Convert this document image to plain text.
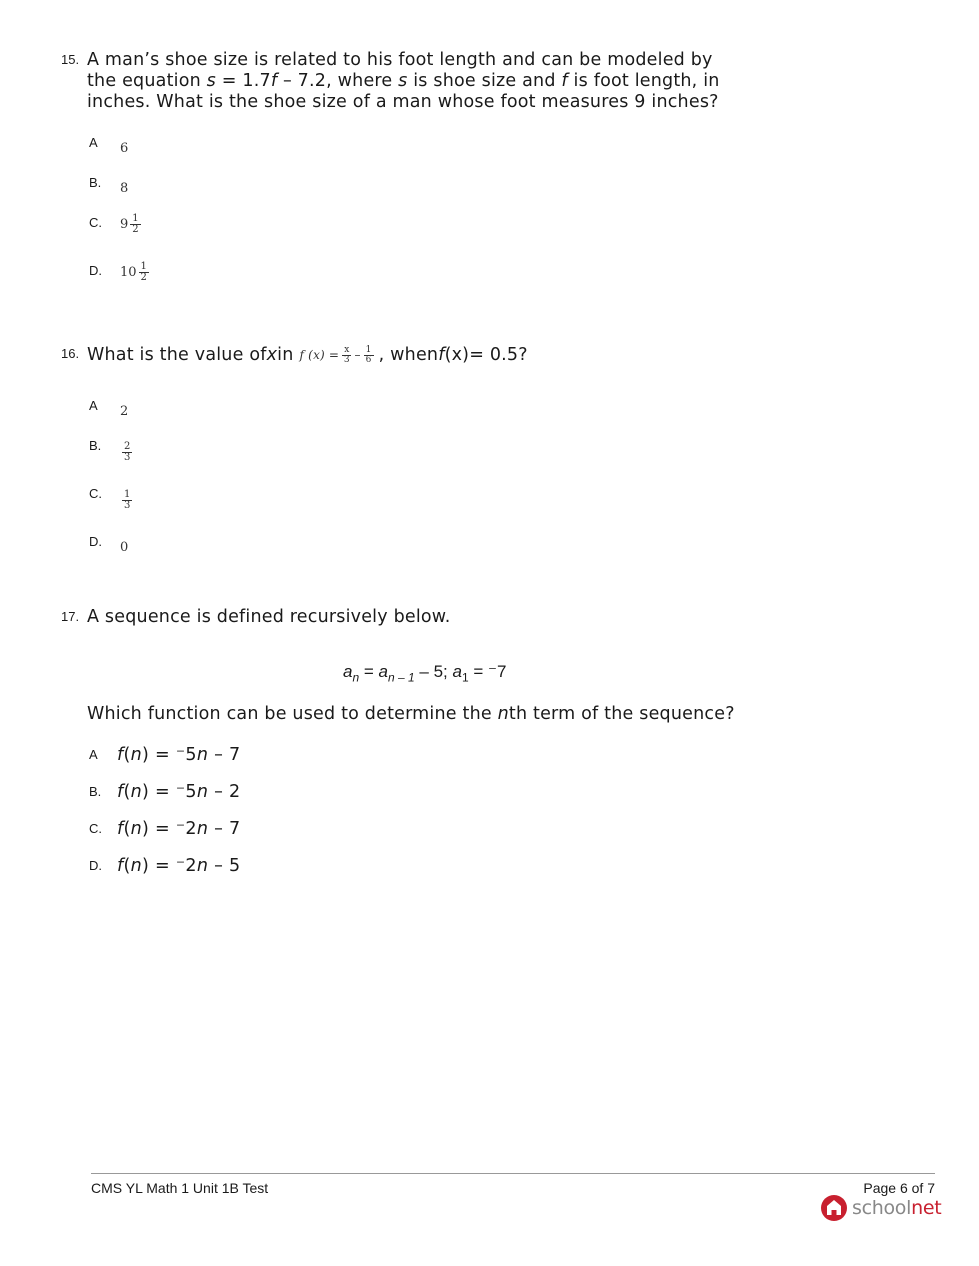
15. A man’s shoe size is related to his foot length and can be modeled by
the equation s = 1.7f – 7.2, where s is shoe size and f is foot length, in
inches. What is the shoe size of a man whose foot measures 9 inches?
A 6
B. 8
C. $9 \frac{1}{2}$
D. $10 \frac{1}{2}$
16. What is the value of x in f $(x) = \frac{x}{3} - \frac{1}{6}$ , when f (x) = 0.5?
A 2
B. $\frac{2}{3}$
C. $\frac{1}{3}$
D. 0
17. A sequence is defined recursively below.
$a_n = a_{n - 1} - 5$; $a_1 = ^-7$
Which function can be used to determine the nth term of the sequence?
A f(n) = ⁻5n – 7
B. f(n) = ⁻5n – 2
C. f(n) = ⁻2n – 7
D. f(n) = ⁻2n – 5
CMS YL Math 1 Unit 1B Test	Page 6 of 7
schoolnet
